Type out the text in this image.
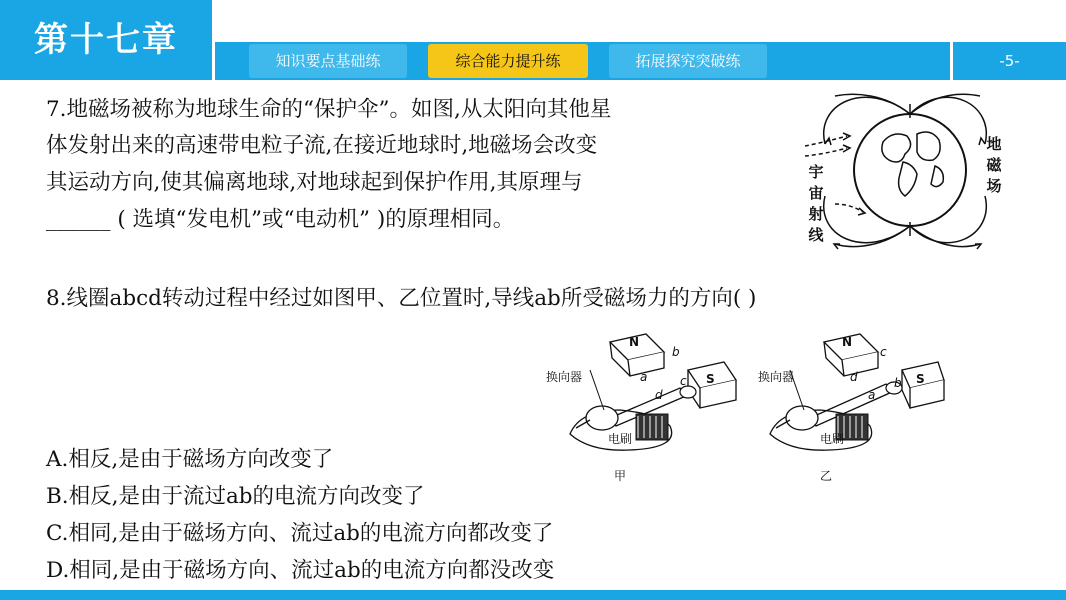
第十七章
知识要点基础练	综合能力提升练	拓展探究突破练	-5-
7.地磁场被称为地球生命的“保护伞”。如图,从太阳向其他星
体发射出来的高速带电粒子流,在接近地球时,地磁场会改变
其运动方向,使其偏离地球,对地球起到保护作用,其原理与
______ ( 选填“发电机”或“电动机” )的原理相同。
宇宙射线
地磁场
8.线圈abcd转动过程中经过如图甲、乙位置时,导线ab所受磁场力的方向( )
N
S
换向器
电刷
b
a	c
d
甲
N
S
换向器
电刷
c
d	b
a
乙
A.相反,是由于磁场方向改变了
B.相反,是由于流过ab的电流方向改变了
C.相同,是由于磁场方向、流过ab的电流方向都改变了
D.相同,是由于磁场方向、流过ab的电流方向都没改变
